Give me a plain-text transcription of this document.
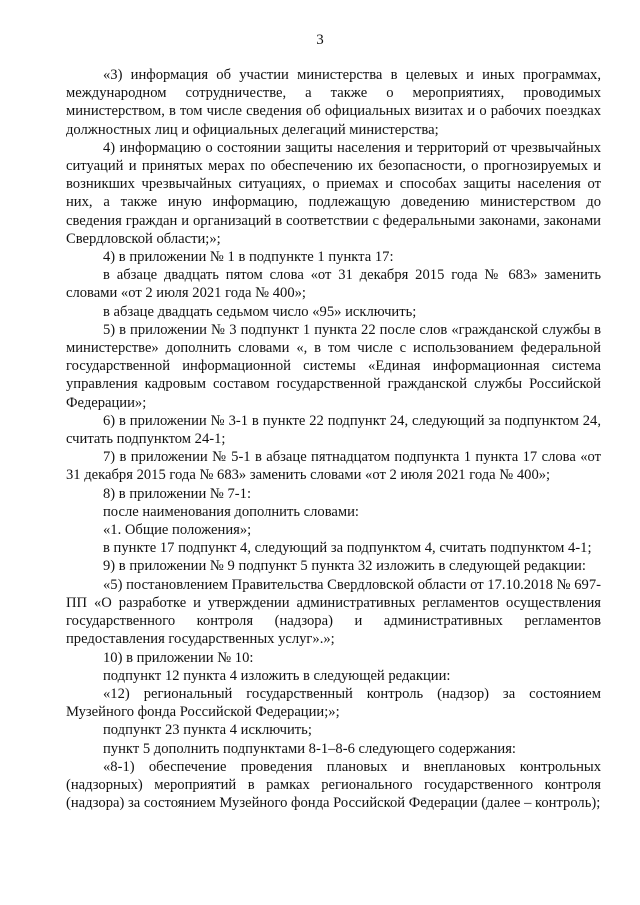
3

«3) информация об участии министерства в целевых и иных программах, международном сотрудничестве, а также о мероприятиях, проводимых министерством, в том числе сведения об официальных визитах и о рабочих поездках должностных лиц и официальных делегаций министерства;

4) информацию о состоянии защиты населения и территорий от чрезвычайных ситуаций и принятых мерах по обеспечению их безопасности, о прогнозируемых и возникших чрезвычайных ситуациях, о приемах и способах защиты населения от них, а также иную информацию, подлежащую доведению министерством до сведения граждан и организаций в соответствии с федеральными законами, законами Свердловской области;»;

4) в приложении № 1 в подпункте 1 пункта 17:

в абзаце двадцать пятом слова «от 31 декабря 2015 года № 683» заменить словами «от 2 июля 2021 года № 400»;

в абзаце двадцать седьмом число «95» исключить;

5) в приложении № 3 подпункт 1 пункта 22 после слов «гражданской службы в министерстве» дополнить словами «, в том числе с использованием федеральной государственной информационной системы «Единая информационная система управления кадровым составом государственной гражданской службы Российской Федерации»;

6) в приложении № 3-1 в пункте 22 подпункт 24, следующий за подпунктом 24, считать подпунктом 24-1;

7) в приложении № 5-1 в абзаце пятнадцатом подпункта 1 пункта 17 слова «от 31 декабря 2015 года № 683» заменить словами «от 2 июля 2021 года № 400»;

8) в приложении № 7-1:

после наименования дополнить словами:

«1. Общие положения»;

в пункте 17 подпункт 4, следующий за подпунктом 4, считать подпунктом 4-1;

9) в приложении № 9 подпункт 5 пункта 32 изложить в следующей редакции:

«5) постановлением Правительства Свердловской области от 17.10.2018 № 697-ПП «О разработке и утверждении административных регламентов осуществления государственного контроля (надзора) и административных регламентов предоставления государственных услуг».»;

10) в приложении № 10:

подпункт 12 пункта 4 изложить в следующей редакции:

«12) региональный государственный контроль (надзор) за состоянием Музейного фонда Российской Федерации;»;

подпункт 23 пункта 4 исключить;

пункт 5 дополнить подпунктами 8-1–8-6 следующего содержания:

«8-1) обеспечение проведения плановых и внеплановых контрольных (надзорных) мероприятий в рамках регионального государственного контроля (надзора) за состоянием Музейного фонда Российской Федерации (далее – контроль);
